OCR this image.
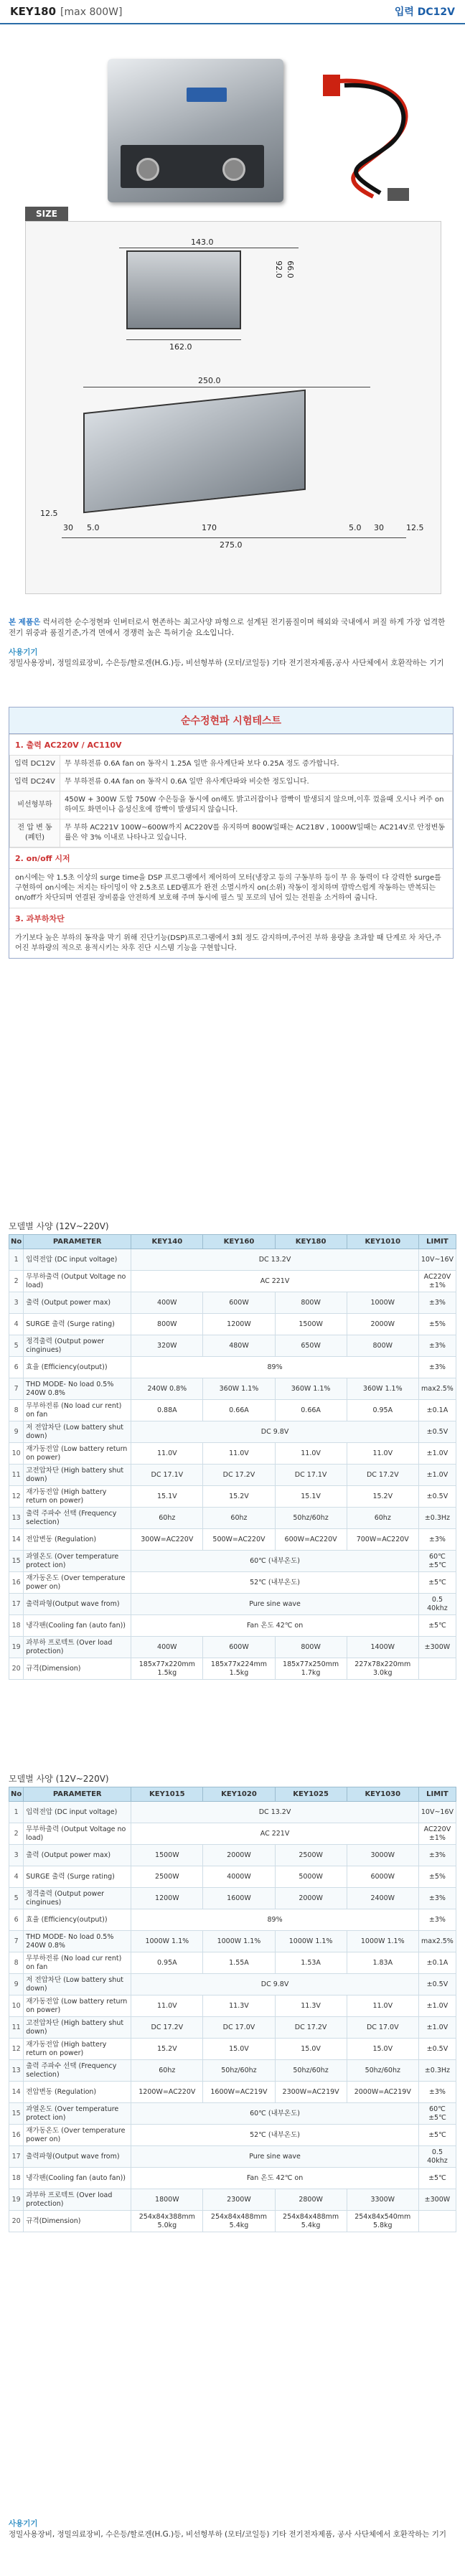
KEY180 [max 800W]	입력 DC12V
SIZE
143.0
92.0 66.0
162.0
250.0
12.5
30 5.0	170	5.0 30	12.5
275.0
본 제품은 럭셔리한 순수정현파 인버터로서 현존하는 최고사양 파형으로 설계된 전기품질이며 해외와 국내에서 퍼질 하게 가장 엄격한 전기 위중과 품질기준,가격 면에서 경쟁력 높은 특허기술 요소입니다.
사용기기
정밀사용장비, 정밀의료장비, 수은등/할로겐(H.G.)등, 비선형부하 (모터/코일등) 기타 전기전자제품,공사 사단체에서 호환작하는 기기
순수정현파 시험테스트
1. 출력 AC220V / AC110V
입력 DC12V	무 부하전류 0.6A fan on 동작시 1.25A 일반 유사계단파 보다 0.25A 정도 증가합니다.
입력 DC24V	무 부하전류 0.4A fan on 동작시 0.6A 일반 유사계단파와 비슷한 정도입니다.
비선형부하	450W + 300W 도합 750W 수은등을 동시에 on해도 밝고러잡이나 깜빡이 발생되지 않으며,이후 껐을때 오시나 켜주 on하여도 화면이나 음성신호에 깜빡이 발생되지 않습니다.
전 압 변 동 (폐턴)	무 부하 AC221V 100W~600W까지 AC220V를 유지하며 800W일때는 AC218V , 1000W일때는 AC214V로 안정변동률은 약 3% 이내로 나타나고 있습니다.
2. on/off 시저

on시에는 약 1.5초 이상의 surge time을 DSP 프로그램에서 제어하여 모터(냉장고 등의 구동부하 등이 무 유 동력이 다 강력한 surge를 구현하여 on시에는 저지는 타이밍이 약 2.5초로 LED램프가 완전 소멸시까지 on(소위) 작동이 정치하며 깜박스럽게 작동하는 반복되는 on/off가 차단되며 연결된 장비품을 안전하게 보호해 주며 동시에 필스 및 포로의 넘어 있는 전원을 소거하여 줍니다.

3. 과부하차단

가기보다 높은 부하의 동작을 막기 위해 진단기능(DSP)프로그램에서 3회 정도 감지하며,주어진 부하 용량을 초과할 때 단계로 차 차단,주어진 부하량의 적으로 용적시키는 차후 진단 시스템 기능을 구현합니다.

모델별 사양 (12V~220V)
No	PARAMETER	KEY140	KEY160	KEY180	KEY1010	LIMIT
1	입력전압 (DC input voltage)	DC 13.2V				10V~16V
2	무부하출력 (Output Voltage no load)	AC 221V				AC220V ±1%
3	출력 (Output power max)	400W	600W	800W	1000W	±3%
4	SURGE 출력 (Surge rating)	800W	1200W	1500W	2000W	±5%
5	정격출력 (Output power cinginues)	320W	480W	650W	800W	±3%
6	효율 (Efficiency(output))	89%				±3%
7	THD MODE- No load 0.5% 240W 0.8%	240W 0.8%	360W 1.1%	360W 1.1%	360W 1.1%	max2.5%
8	무부하전류 (No load cur rent) on fan	0.88A	0.66A	0.66A	0.95A	±0.1A
9	저 전압차단 (Low battery shut down)	DC 9.8V				±0.5V
10	재가동전압 (Low battery return on power)	11.0V	11.0V	11.0V	11.0V	±1.0V
11	고전압차단 (High battery shut down)	DC 17.1V	DC 17.2V	DC 17.1V	DC 17.2V	±1.0V
12	재가동전압 (High battery return on power)	15.1V	15.2V	15.1V	15.2V	±0.5V
13	출력 주파수 선택 (Frequency selection)	60hz	60hz	50hz/60hz	60hz	±0.3Hz
14	전압변동 (Regulation)	300W=AC220V	500W=AC220V	600W=AC220V	700W=AC220V	±3%
15	과열온도 (Over temperature protect ion)	60℃ (내부온도)				60℃ ±5℃
16	재가동온도 (Over temperature power on)	52℃ (내부온도)				±5℃
17	출력파형(Output wave from)	Pure sine wave				0.5 40khz
18	냉각팬(Cooling fan (auto fan))	Fan 온도 42℃ on				±5℃
19	과부하 프로텍트 (Over load protection)	400W	600W	800W	1400W	±300W
20	규격(Dimension)	185x77x220mm 1.5kg	185x77x224mm 1.5kg	185x77x250mm 1.7kg	227x78x220mm 3.0kg	
모델별 사양 (12V~220V)
No	PARAMETER	KEY1015	KEY1020	KEY1025	KEY1030	LIMIT
1	입력전압 (DC input voltage)	DC 13.2V				10V~16V
2	무부하출력 (Output Voltage no load)	AC 221V				AC220V ±1%
3	출력 (Output power max)	1500W	2000W	2500W	3000W	±3%
4	SURGE 출력 (Surge rating)	2500W	4000W	5000W	6000W	±5%
5	정격출력 (Output power cinginues)	1200W	1600W	2000W	2400W	±3%
6	효율 (Efficiency(output))	89%				±3%
7	THD MODE- No load 0.5% 240W 0.8%	1000W 1.1%	1000W 1.1%	1000W 1.1%	1000W 1.1%	max2.5%
8	무부하전류 (No load cur rent) on fan	0.95A	1.55A	1.53A	1.83A	±0.1A
9	저 전압차단 (Low battery shut down)	DC 9.8V				±0.5V
10	재가동전압 (Low battery return on power)	11.0V	11.3V	11.3V	11.0V	±1.0V
11	고전압차단 (High battery shut down)	DC 17.2V	DC 17.0V	DC 17.2V	DC 17.0V	±1.0V
12	재가동전압 (High battery return on power)	15.2V	15.0V	15.0V	15.0V	±0.5V
13	출력 주파수 선택 (Frequency selection)	60hz	50hz/60hz	50hz/60hz	50hz/60hz	±0.3Hz
14	전압변동 (Regulation)	1200W=AC220V	1600W=AC219V	2300W=AC219V	2000W=AC219V	±3%
15	과열온도 (Over temperature protect ion)	60℃ (내부온도)				60℃ ±5℃
16	재가동온도 (Over temperature power on)	52℃ (내부온도)				±5℃
17	출력파형(Output wave from)	Pure sine wave				0.5 40khz
18	냉각팬(Cooling fan (auto fan))	Fan 온도 42℃ on				±5℃
19	과부하 프로텍트 (Over load protection)	1800W	2300W	2800W	3300W	±300W
20	규격(Dimension)	254x84x388mm 5.0kg	254x84x488mm 5.4kg	254x84x488mm 5.4kg	254x84x540mm 5.8kg	
사용기기
정밀사용장비, 정밀의료장비, 수은등/할로겐(H.G.)등, 비선형부하 (모터/코일등) 기타 전기전자제품, 공사 사단체에서 호환작하는 기기
